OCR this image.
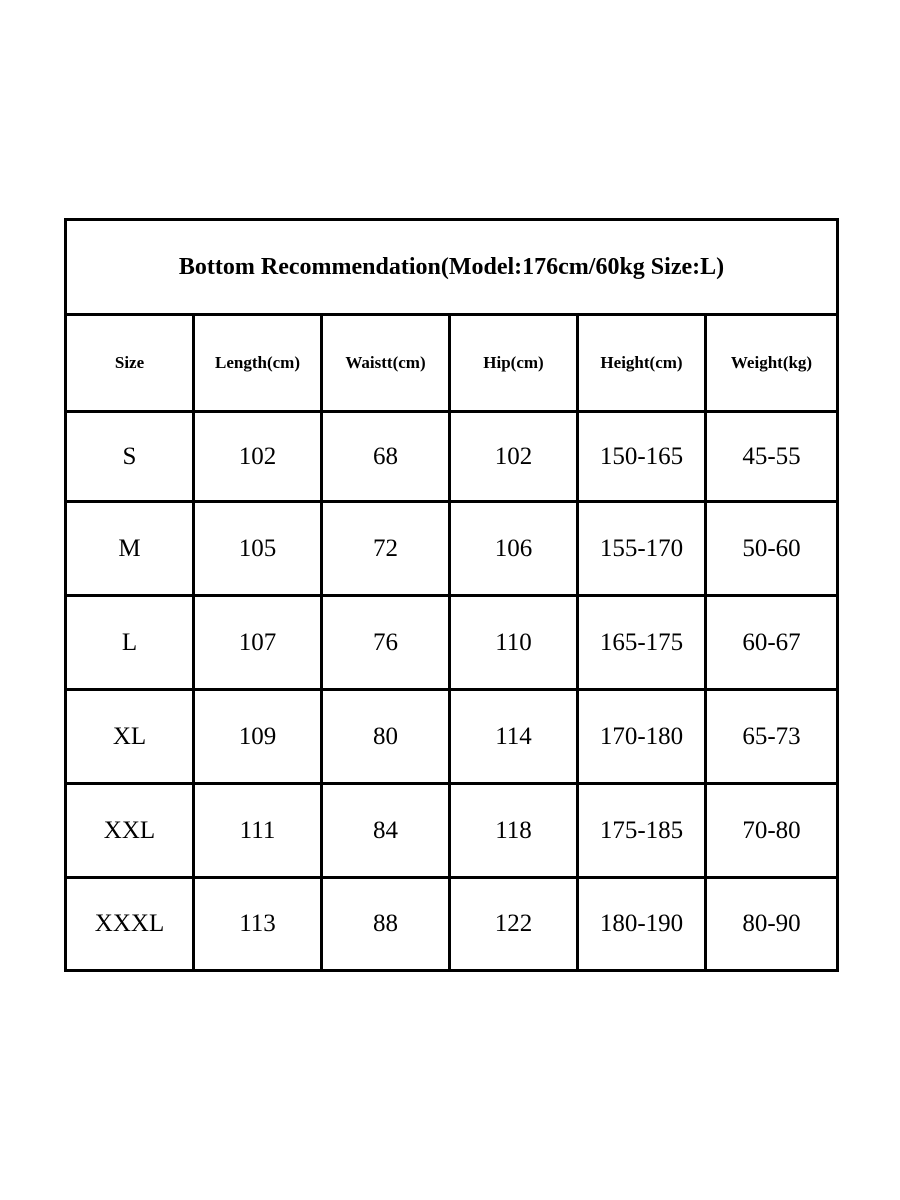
Bottom Recommendation(Model:176cm/60kg Size:L)					
Size	Length(cm)	Waistt(cm)	Hip(cm)	Height(cm)	Weight(kg)
S	102	68	102	150-165	45-55
M	105	72	106	155-170	50-60
L	107	76	110	165-175	60-67
XL	109	80	114	170-180	65-73
XXL	111	84	118	175-185	70-80
XXXL	113	88	122	180-190	80-90
